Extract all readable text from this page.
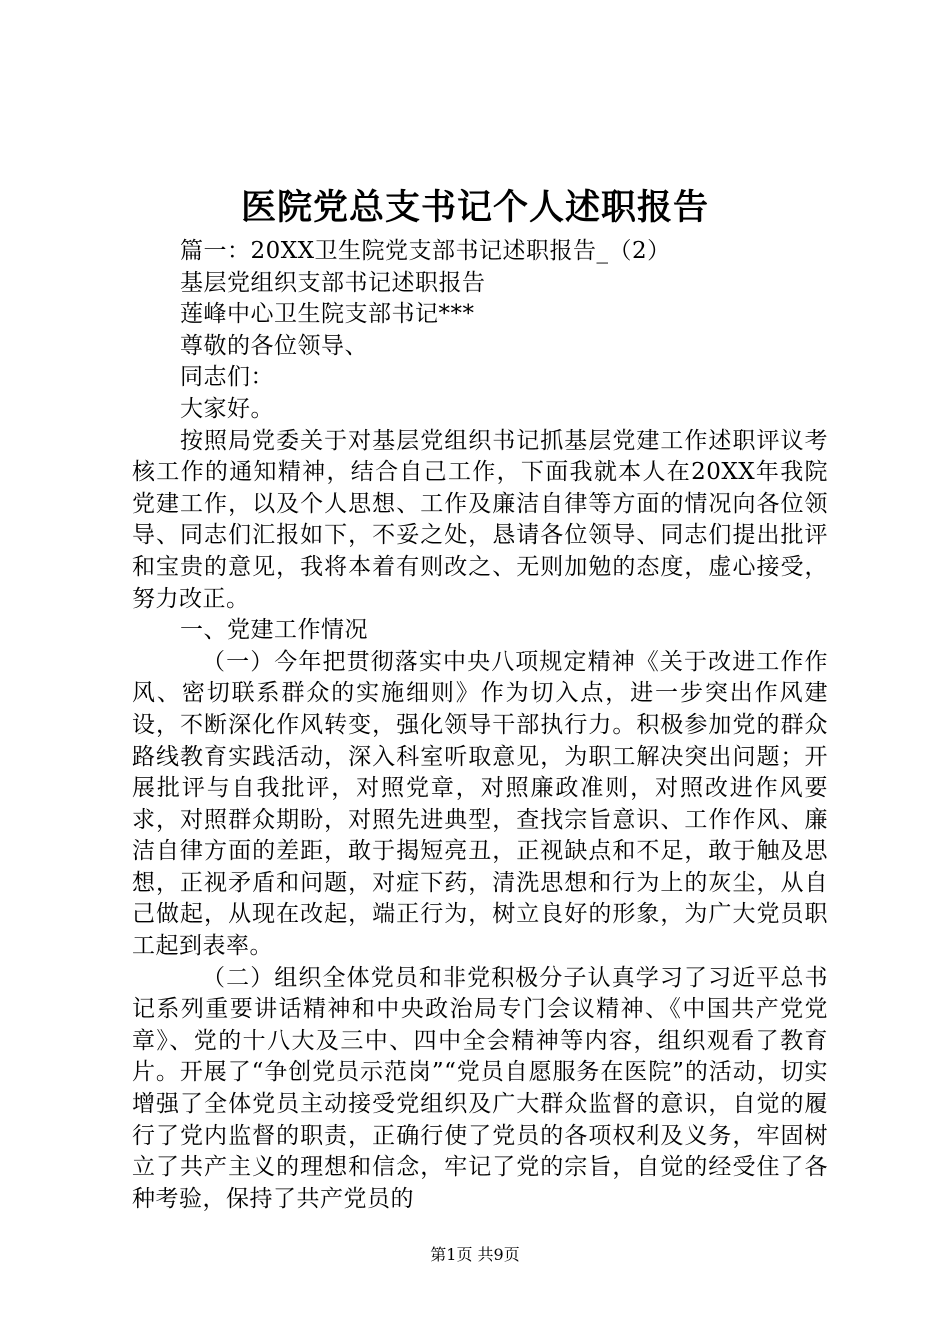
医院党总支书记个人述职报告

篇一：20XX卫生院党支部书记述职报告_（2）

基层党组织支部书记述职报告

莲峰中心卫生院支部书记***

尊敬的各位领导、

同志们：

大家好。

按照局党委关于对基层党组织书记抓基层党建工作述职评议考核工作的通知精神，结合自己工作，下面我就本人在20XX年我院党建工作，以及个人思想、工作及廉洁自律等方面的情况向各位领导、同志们汇报如下，不妥之处，恳请各位领导、同志们提出批评和宝贵的意见，我将本着有则改之、无则加勉的态度，虚心接受，努力改正。

一、党建工作情况

（一）今年把贯彻落实中央八项规定精神《关于改进工作作风、密切联系群众的实施细则》作为切入点，进一步突出作风建设，不断深化作风转变，强化领导干部执行力。积极参加党的群众路线教育实践活动，深入科室听取意见，为职工解决突出问题；开展批评与自我批评，对照党章，对照廉政准则，对照改进作风要求，对照群众期盼，对照先进典型，查找宗旨意识、工作作风、廉洁自律方面的差距，敢于揭短亮丑，正视缺点和不足，敢于触及思想，正视矛盾和问题，对症下药，清洗思想和行为上的灰尘，从自己做起，从现在改起，端正行为，树立良好的形象，为广大党员职工起到表率。

（二）组织全体党员和非党积极分子认真学习了习近平总书记系列重要讲话精神和中央政治局专门会议精神、《中国共产党党章》、党的十八大及三中、四中全会精神等内容，组织观看了教育片。开展了“争创党员示范岗”“党员自愿服务在医院”的活动，切实增强了全体党员主动接受党组织及广大群众监督的意识，自觉的履行了党内监督的职责，正确行使了党员的各项权利及义务，牢固树立了共产主义的理想和信念，牢记了党的宗旨，自觉的经受住了各种考验，保持了共产党员的

第1页 共9页
